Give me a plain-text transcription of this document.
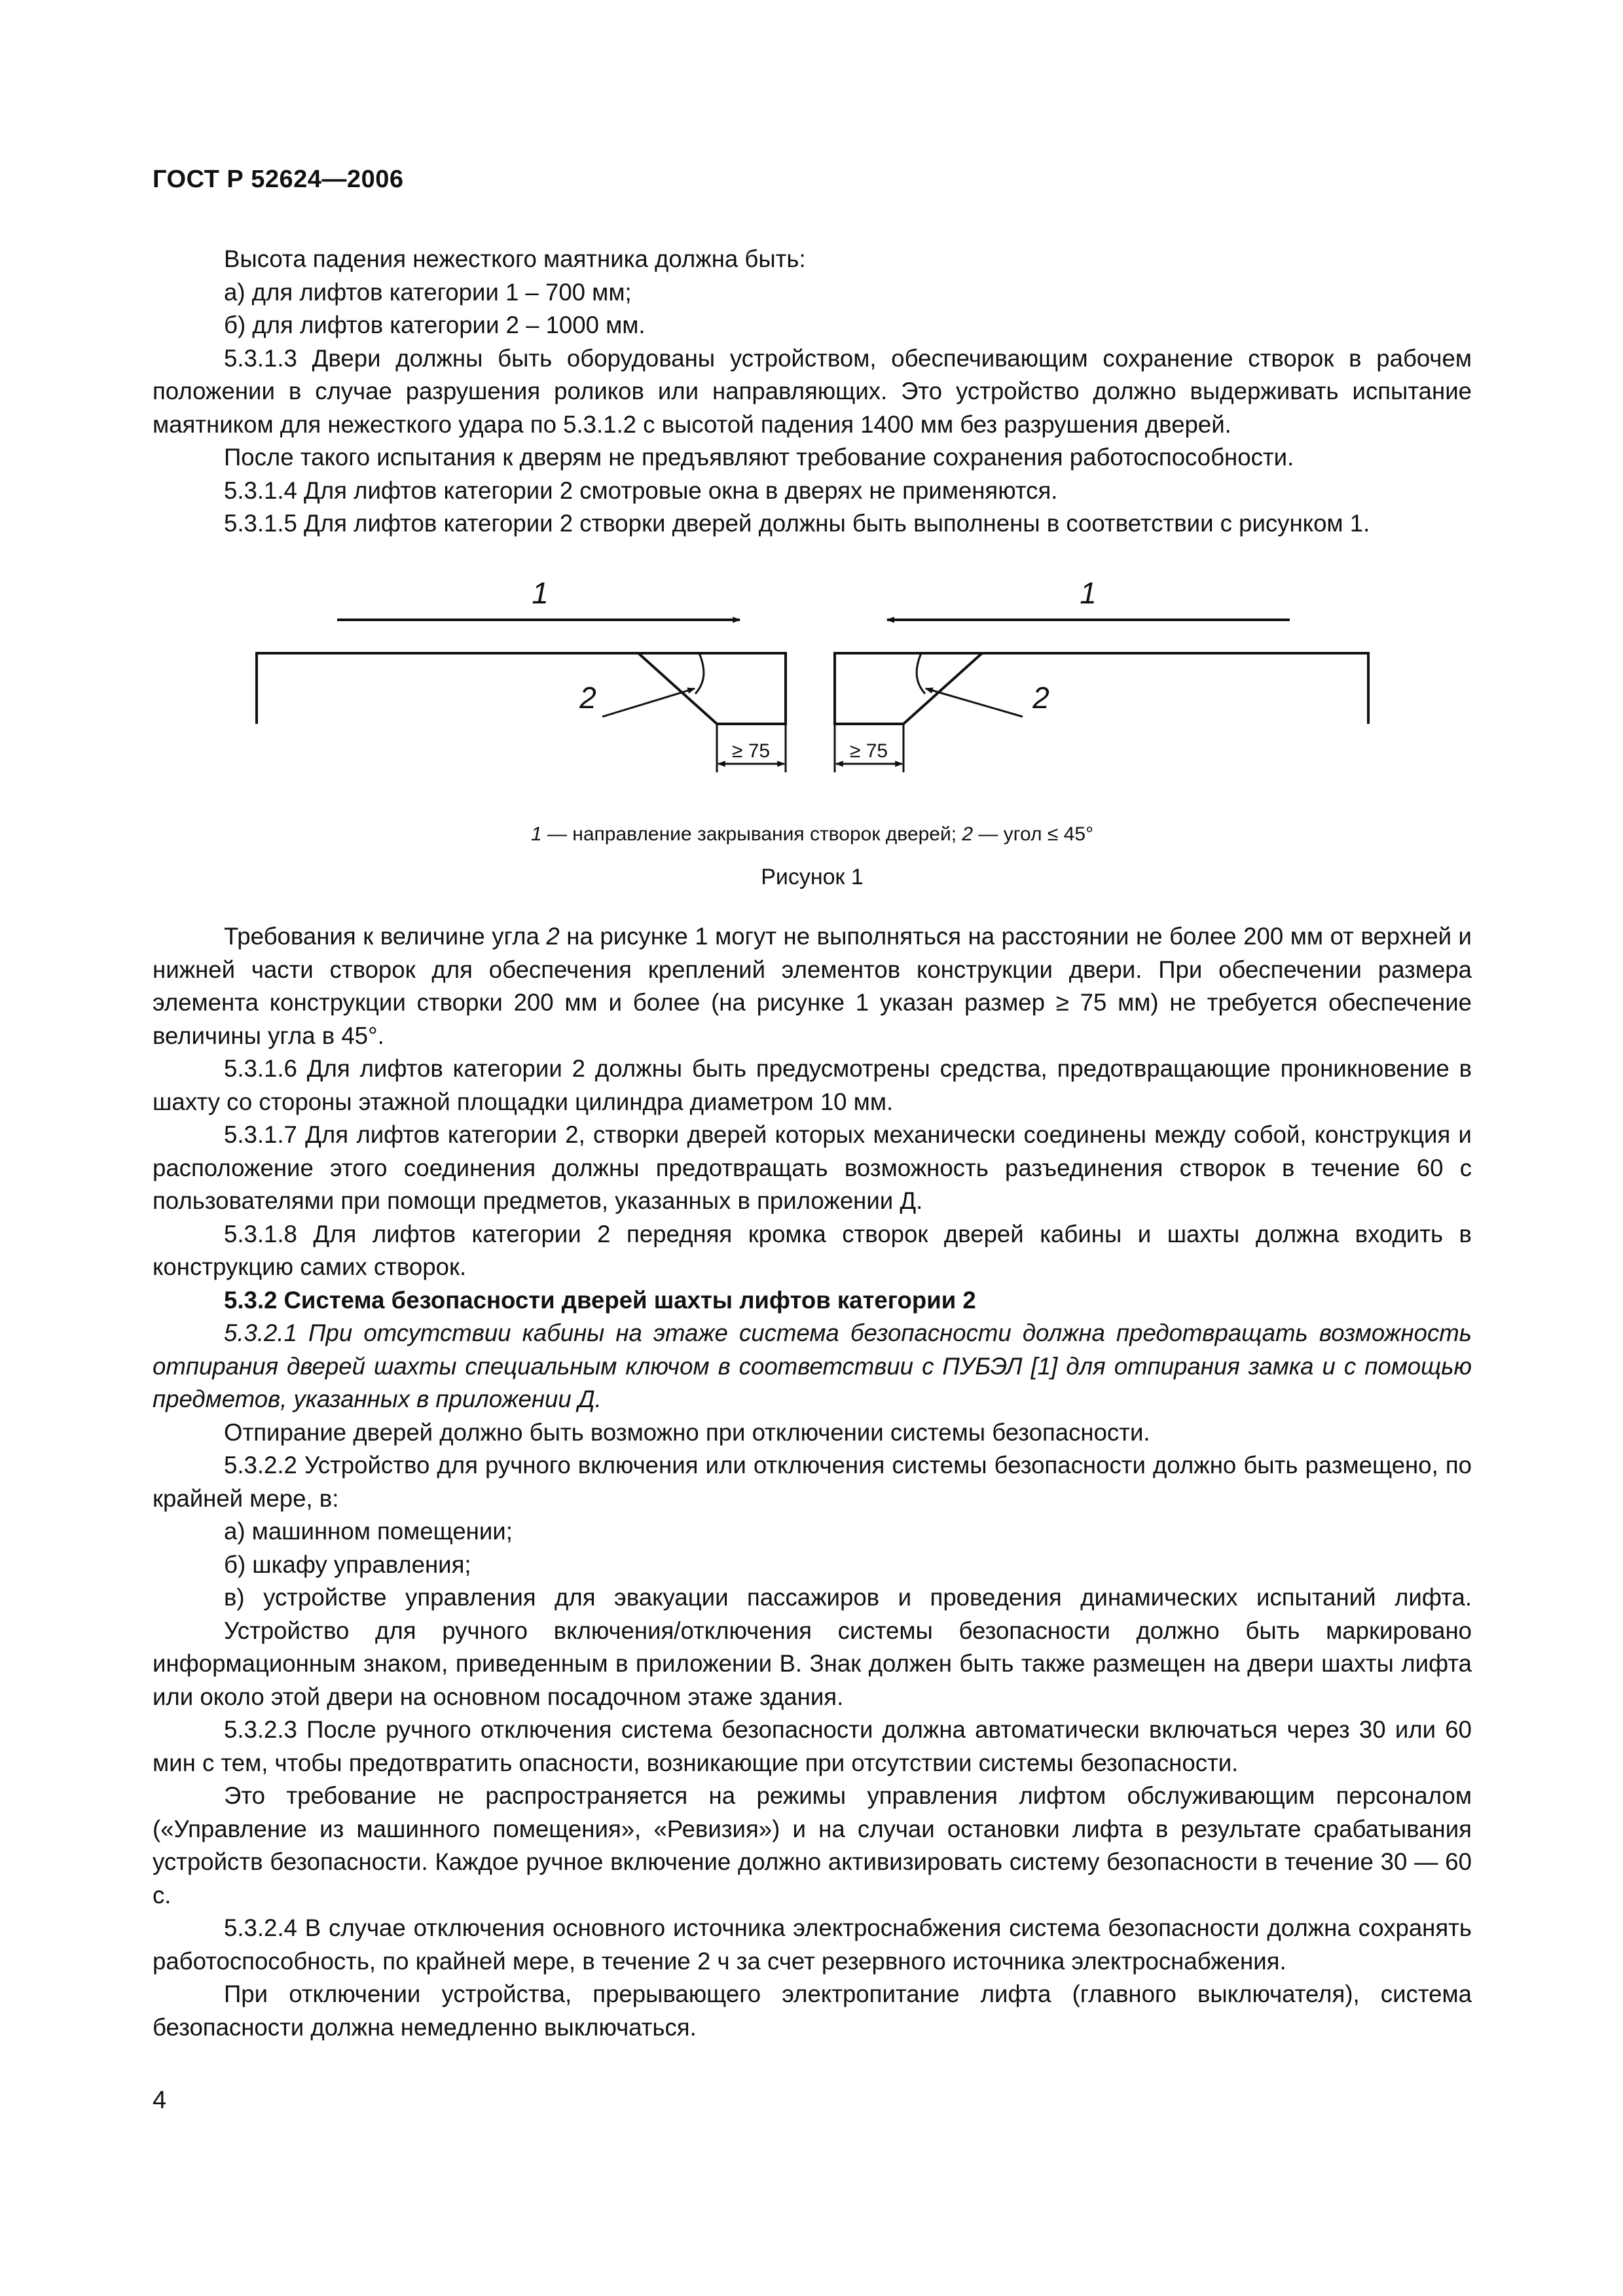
ГОСТ Р 52624—2006

Высота падения нежесткого маятника должна быть:

а) для лифтов категории 1 – 700 мм;

б) для лифтов категории 2 – 1000 мм.

5.3.1.3 Двери должны быть оборудованы устройством, обеспечивающим сохранение створок в рабочем положении в случае разрушения роликов или направляющих. Это устройство должно выдерживать испытание маятником для нежесткого удара по 5.3.1.2 с высотой падения 1400 мм без разрушения дверей.

После такого испытания к дверям не предъявляют требование сохранения работоспособности.

5.3.1.4 Для лифтов категории 2 смотровые окна в дверях не применяются.

5.3.1.5 Для лифтов категории 2 створки дверей должны быть выполнены в соответствии с рисунком 1.

1	1
2	2
≥ 75	≥ 75
1 — направление закрывания створок дверей; 2 — угол ≤ 45°
Рисунок 1

Требования к величине угла 2 на рисунке 1 могут не выполняться на расстоянии не более 200 мм от верхней и нижней части створок для обеспечения креплений элементов конструкции двери. При обеспечении размера элемента конструкции створки 200 мм и более (на рисунке 1 указан размер ≥ 75 мм) не требуется обеспечение величины угла в 45°.

5.3.1.6 Для лифтов категории 2 должны быть предусмотрены средства, предотвращающие проникновение в шахту со стороны этажной площадки цилиндра диаметром 10 мм.

5.3.1.7 Для лифтов категории 2, створки дверей которых механически соединены между собой, конструкция и расположение этого соединения должны предотвращать возможность разъединения створок в течение 60 с пользователями при помощи предметов, указанных в приложении Д.

5.3.1.8 Для лифтов категории 2 передняя кромка створок дверей кабины и шахты должна входить в конструкцию самих створок.

5.3.2 Система безопасности дверей шахты лифтов категории 2

5.3.2.1 При отсутствии кабины на этаже система безопасности должна предотвращать возможность отпирания дверей шахты специальным ключом в соответствии с ПУБЭЛ [1] для отпирания замка и с помощью предметов, указанных в приложении Д.

Отпирание дверей должно быть возможно при отключении системы безопасности.

5.3.2.2 Устройство для ручного включения или отключения системы безопасности должно быть размещено, по крайней мере, в:

а) машинном помещении;

б) шкафу управления;

в) устройстве управления для эвакуации пассажиров и проведения динамических испытаний лифта.

Устройство для ручного включения/отключения системы безопасности должно быть маркировано информационным знаком, приведенным в приложении В. Знак должен быть также размещен на двери шахты лифта или около этой двери на основном посадочном этаже здания.

5.3.2.3 После ручного отключения система безопасности должна автоматически включаться через 30 или 60 мин с тем, чтобы предотвратить опасности, возникающие при отсутствии системы безопасности.

Это требование не распространяется на режимы управления лифтом обслуживающим персоналом («Управление из машинного помещения», «Ревизия») и на случаи остановки лифта в результате срабатывания устройств безопасности. Каждое ручное включение должно активизировать систему безопасности в течение 30 — 60 с.

5.3.2.4 В случае отключения основного источника электроснабжения система безопасности должна сохранять работоспособность, по крайней мере, в течение 2 ч за счет резервного источника электроснабжения.

При отключении устройства, прерывающего электропитание лифта (главного выключателя), система безопасности должна немедленно выключаться.

4
